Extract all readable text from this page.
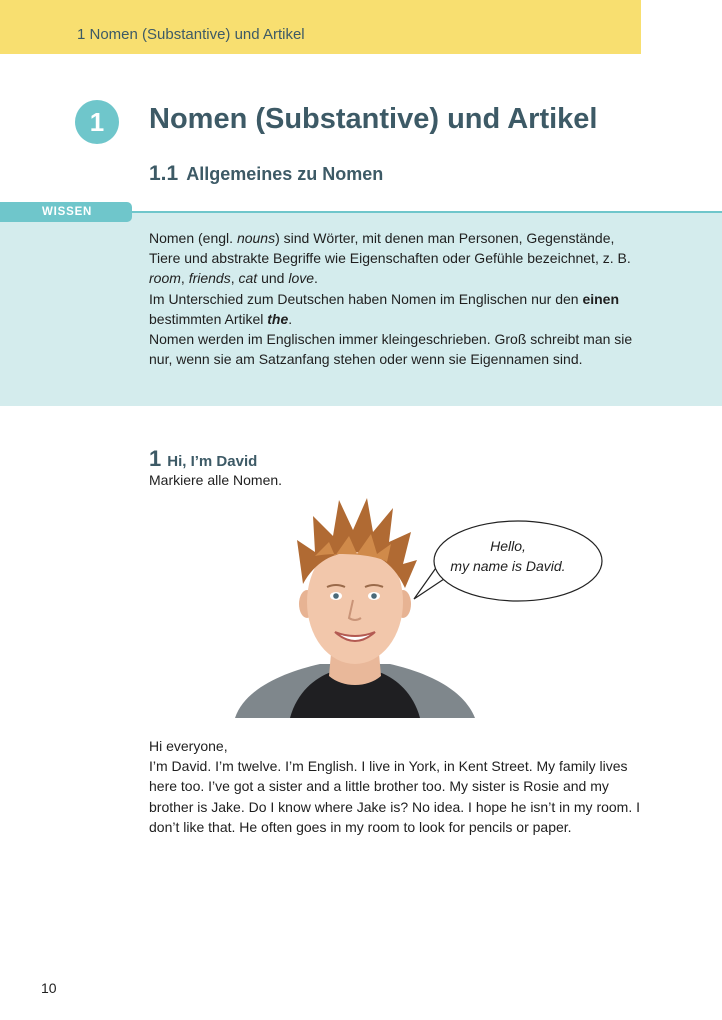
1 Nomen (Substantive) und Artikel
1	Nomen (Substantive) und Artikel
1.1 Allgemeines zu Nomen
WISSEN

Nomen (engl. nouns) sind Wörter, mit denen man Personen, Gegenstände, Tiere und abstrakte Begriffe wie Eigenschaften oder Gefühle bezeichnet, z. B. room, friends, cat und love.

Im Unterschied zum Deutschen haben Nomen im Englischen nur den einen bestimmten Artikel the.

Nomen werden im Englischen immer kleingeschrieben. Groß schreibt man sie nur, wenn sie am Satzanfang stehen oder wenn sie Eigennamen sind.

1 Hi, I’m David
Markiere alle Nomen.
Hello,
my name is David.

Hi everyone,

I’m David. I’m twelve. I’m English. I live in York, in Kent Street. My family lives here too. I’ve got a sister and a little brother too. My sister is Rosie and my brother is Jake. Do I know where Jake is? No idea. I hope he isn’t in my room. I don’t like that. He often goes in my room to look for pencils or paper.

10
